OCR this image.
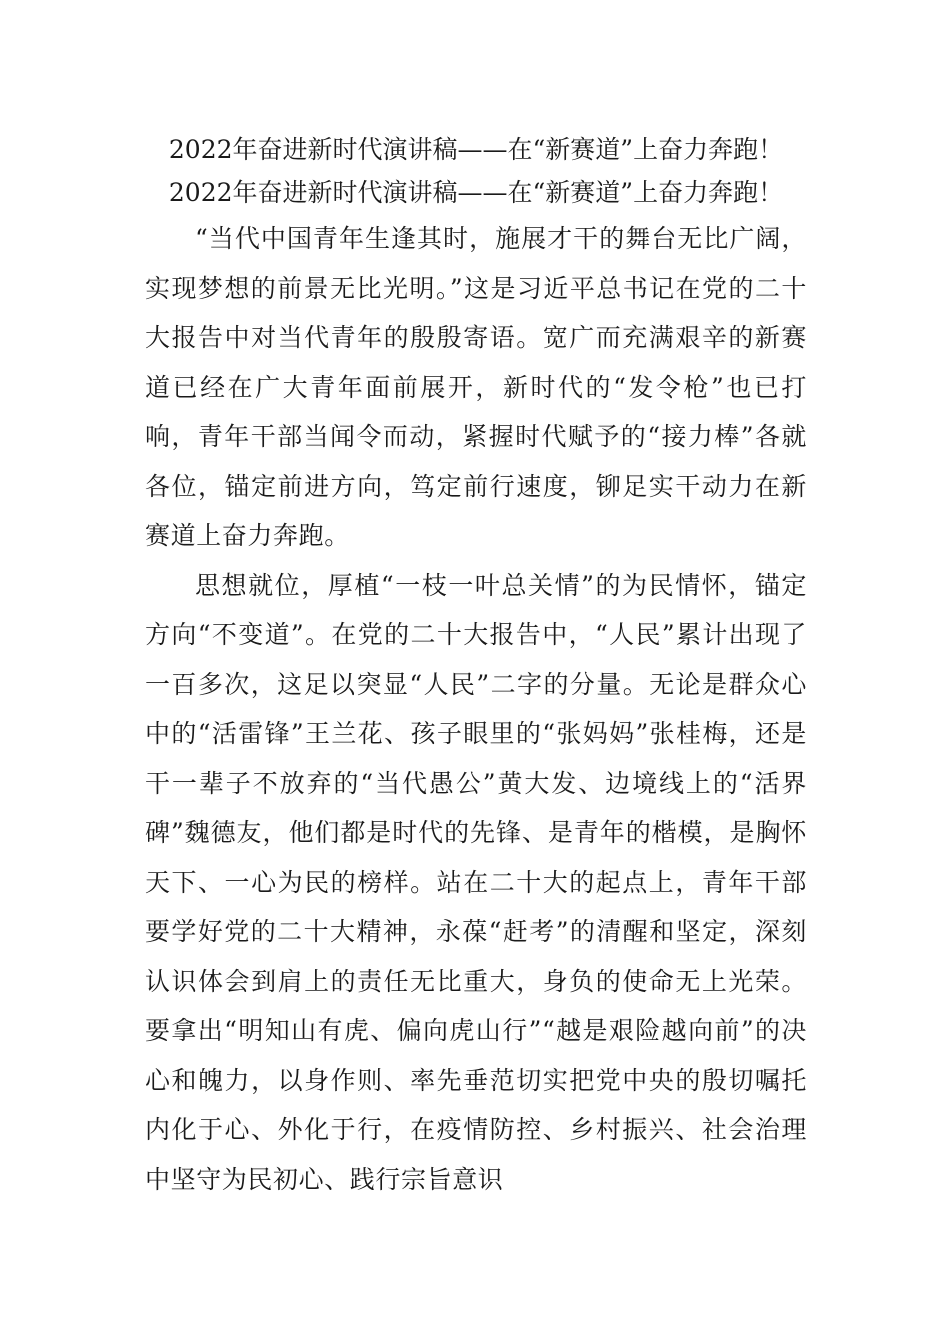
2022年奋进新时代演讲稿——在“新赛道”上奋力奔跑！
2022年奋进新时代演讲稿——在“新赛道”上奋力奔跑！

“当代中国青年生逢其时，施展才干的舞台无比广阔，实现梦想的前景无比光明。”这是习近平总书记在党的二十大报告中对当代青年的殷殷寄语。宽广而充满艰辛的新赛道已经在广大青年面前展开，新时代的“发令枪”也已打响，青年干部当闻令而动，紧握时代赋予的“接力棒”各就各位，锚定前进方向，笃定前行速度，铆足实干动力在新赛道上奋力奔跑。

思想就位，厚植“一枝一叶总关情”的为民情怀，锚定方向“不变道”。在党的二十大报告中，“人民”累计出现了一百多次，这足以突显“人民”二字的分量。无论是群众心中的“活雷锋”王兰花、孩子眼里的“张妈妈”张桂梅，还是干一辈子不放弃的“当代愚公”黄大发、边境线上的“活界碑”魏德友，他们都是时代的先锋、是青年的楷模，是胸怀天下、一心为民的榜样。站在二十大的起点上，青年干部要学好党的二十大精神，永葆“赶考”的清醒和坚定，深刻认识体会到肩上的责任无比重大，身负的使命无上光荣。要拿出“明知山有虎、偏向虎山行”“越是艰险越向前”的决心和魄力，以身作则、率先垂范切实把党中央的殷切嘱托内化于心、外化于行，在疫情防控、乡村振兴、社会治理中坚守为民初心、践行宗旨意识
